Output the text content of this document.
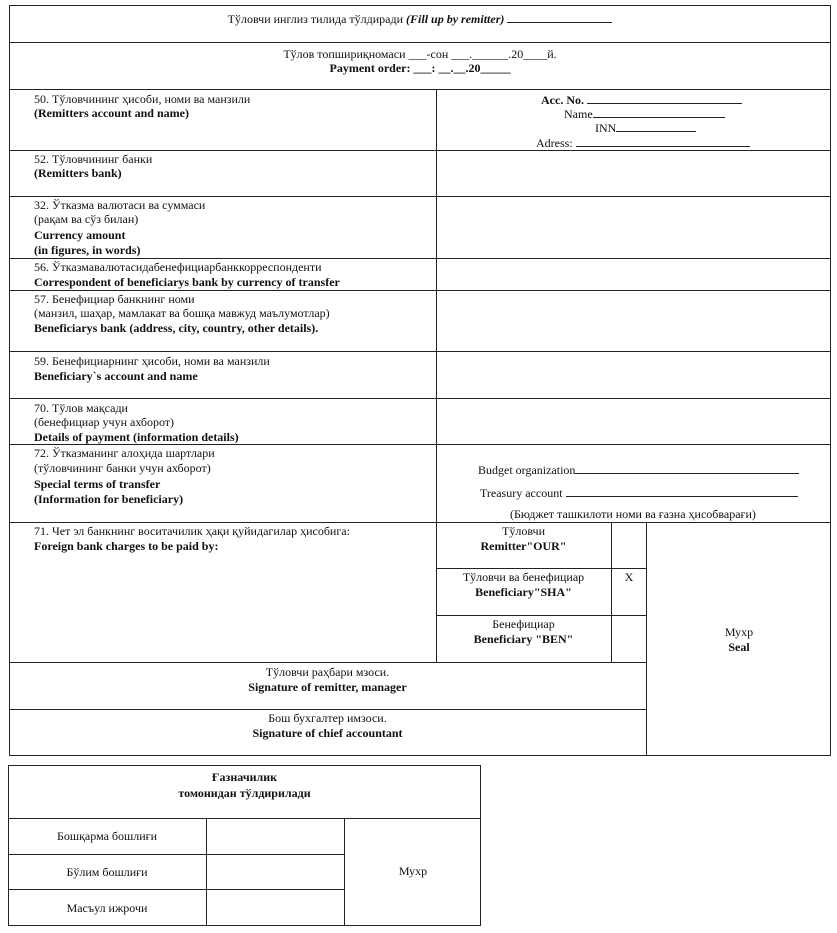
Тўловчи инглиз тилида тўлдиради (Fill up by remitter)
Тўлов топшириқномаси ___-сон ___.______.20____й.
Payment order: ___: __.__.20_____
50. Тўловчининг ҳисоби, номи ва манзили
(Remitters account and name)
Acc. No.
Name
INN
Adress:
52. Тўловчининг банки
(Remitters bank)
32. Ўтказма валютаси ва суммаси
(рақам ва сўз билан)
Currency amount
(in figures, in words)
56. Ўтказмавалютасидабенефициарбанккорреспонденти
Correspondent of beneficiarys bank by currency of transfer
57. Бенефициар банкнинг номи
(манзил, шаҳар, мамлакат ва бошқа мавжуд маълумотлар)
Beneficiarys bank (address, city, country, other details).
59. Бенефициарнинг ҳисоби, номи ва манзили
Beneficiary`s account and name
70. Тўлов мақсади
(бенефициар учун ахборот)
Details of payment (information details)
72. Ўтказманинг алоҳида шартлари
(тўловчининг банки учун ахборот)
Special terms of transfer
(Information for beneficiary)
Budget organization
Treasury account
(Бюджет ташкилоти номи ва ғазна ҳисобварағи)
71. Чет эл банкнинг воситачилик ҳақи қуйидагилар ҳисобига:
Foreign bank charges to be paid by:
Тўловчи
Remitter"OUR"
Тўловчи ва бенефициар
Beneficiary"SHA"
X
Бенефициар
Beneficiary "BEN"	Мухр
Seal
Тўловчи раҳбари мзоси.
Signature of remitter, manager
Бош бухгалтер имзоси.
Signature of chief accountant
Ғазначилик
томонидан тўлдирилади
Бошқарма бошлиғи
Бўлим бошлиғи
Масъул ижрочи
Мухр
